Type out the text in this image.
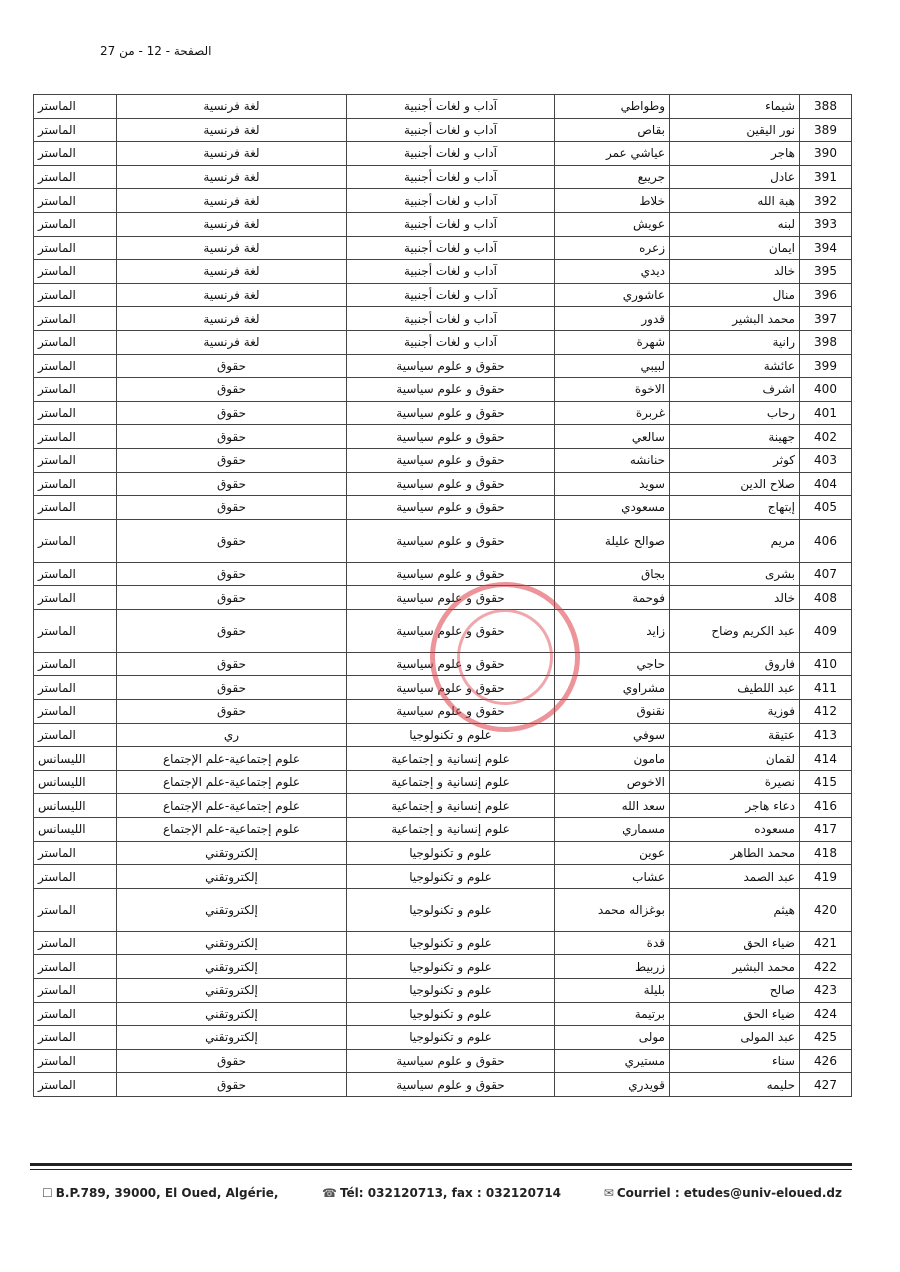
الصفحة - 12 - من 27
388	شيماء	وطواطي	آداب و لغات أجنبية	لغة فرنسية	الماستر
389	نور اليقين	بقاص	آداب و لغات أجنبية	لغة فرنسية	الماستر
390	هاجر	عياشي عمر	آداب و لغات أجنبية	لغة فرنسية	الماستر
391	عادل	جريبع	آداب و لغات أجنبية	لغة فرنسية	الماستر
392	هبة الله	خلاط	آداب و لغات أجنبية	لغة فرنسية	الماستر
393	لبنه	عويش	آداب و لغات أجنبية	لغة فرنسية	الماستر
394	ايمان	زعره	آداب و لغات أجنبية	لغة فرنسية	الماستر
395	خالد	ديدي	آداب و لغات أجنبية	لغة فرنسية	الماستر
396	منال	عاشوري	آداب و لغات أجنبية	لغة فرنسية	الماستر
397	محمد البشير	قدور	آداب و لغات أجنبية	لغة فرنسية	الماستر
398	رانية	شهرة	آداب و لغات أجنبية	لغة فرنسية	الماستر
399	عائشة	لبيبي	حقوق و علوم سياسية	حقوق	الماستر
400	اشرف	الاخوة	حقوق و علوم سياسية	حقوق	الماستر
401	رحاب	غربرة	حقوق و علوم سياسية	حقوق	الماستر
402	جهينة	سالعي	حقوق و علوم سياسية	حقوق	الماستر
403	كوثر	حنانشه	حقوق و علوم سياسية	حقوق	الماستر
404	صلاح الدين	سويد	حقوق و علوم سياسية	حقوق	الماستر
405	إبتهاج	مسعودي	حقوق و علوم سياسية	حقوق	الماستر
406	مريم	صوالح عليلة	حقوق و علوم سياسية	حقوق	الماستر
407	بشرى	بجاق	حقوق و علوم سياسية	حقوق	الماستر
408	خالد	فوحمة	حقوق و علوم سياسية	حقوق	الماستر
409	عبد الكريم وضاح	زايد	حقوق و علوم سياسية	حقوق	الماستر
410	فاروق	حاجي	حقوق و علوم سياسية	حقوق	الماستر
411	عبد اللطيف	مشراوي	حقوق و علوم سياسية	حقوق	الماستر
412	فوزية	نقنوق	حقوق و علوم سياسية	حقوق	الماستر
413	عتيقة	سوفي	علوم و تكنولوجيا	ري	الماستر
414	لقمان	مامون	علوم إنسانية و إجتماعية	علوم إجتماعية-علم الإجتماع	الليسانس
415	نصيرة	الاخوص	علوم إنسانية و إجتماعية	علوم إجتماعية-علم الإجتماع	الليسانس
416	دعاء هاجر	سعد الله	علوم إنسانية و إجتماعية	علوم إجتماعية-علم الإجتماع	الليسانس
417	مسعوده	مسماري	علوم إنسانية و إجتماعية	علوم إجتماعية-علم الإجتماع	الليسانس
418	محمد الطاهر	عوين	علوم و تكنولوجيا	إلكتروتقني	الماستر
419	عبد الصمد	عشاب	علوم و تكنولوجيا	إلكتروتقني	الماستر
420	هيثم	بوغزاله محمد	علوم و تكنولوجيا	إلكتروتقني	الماستر
421	ضياء الحق	قدة	علوم و تكنولوجيا	إلكتروتقني	الماستر
422	محمد البشير	زربيط	علوم و تكنولوجيا	إلكتروتقني	الماستر
423	صالح	بليلة	علوم و تكنولوجيا	إلكتروتقني	الماستر
424	ضياء الحق	برتيمة	علوم و تكنولوجيا	إلكتروتقني	الماستر
425	عبد المولى	مولى	علوم و تكنولوجيا	إلكتروتقني	الماستر
426	سناء	مستيري	حقوق و علوم سياسية	حقوق	الماستر
427	حليمه	قويدري	حقوق و علوم سياسية	حقوق	الماستر
☐ B.P.789, 39000, El Oued, Algérie,	☎ Tél: 032120713, fax : 032120714	✉ Courriel : etudes@univ-eloued.dz
